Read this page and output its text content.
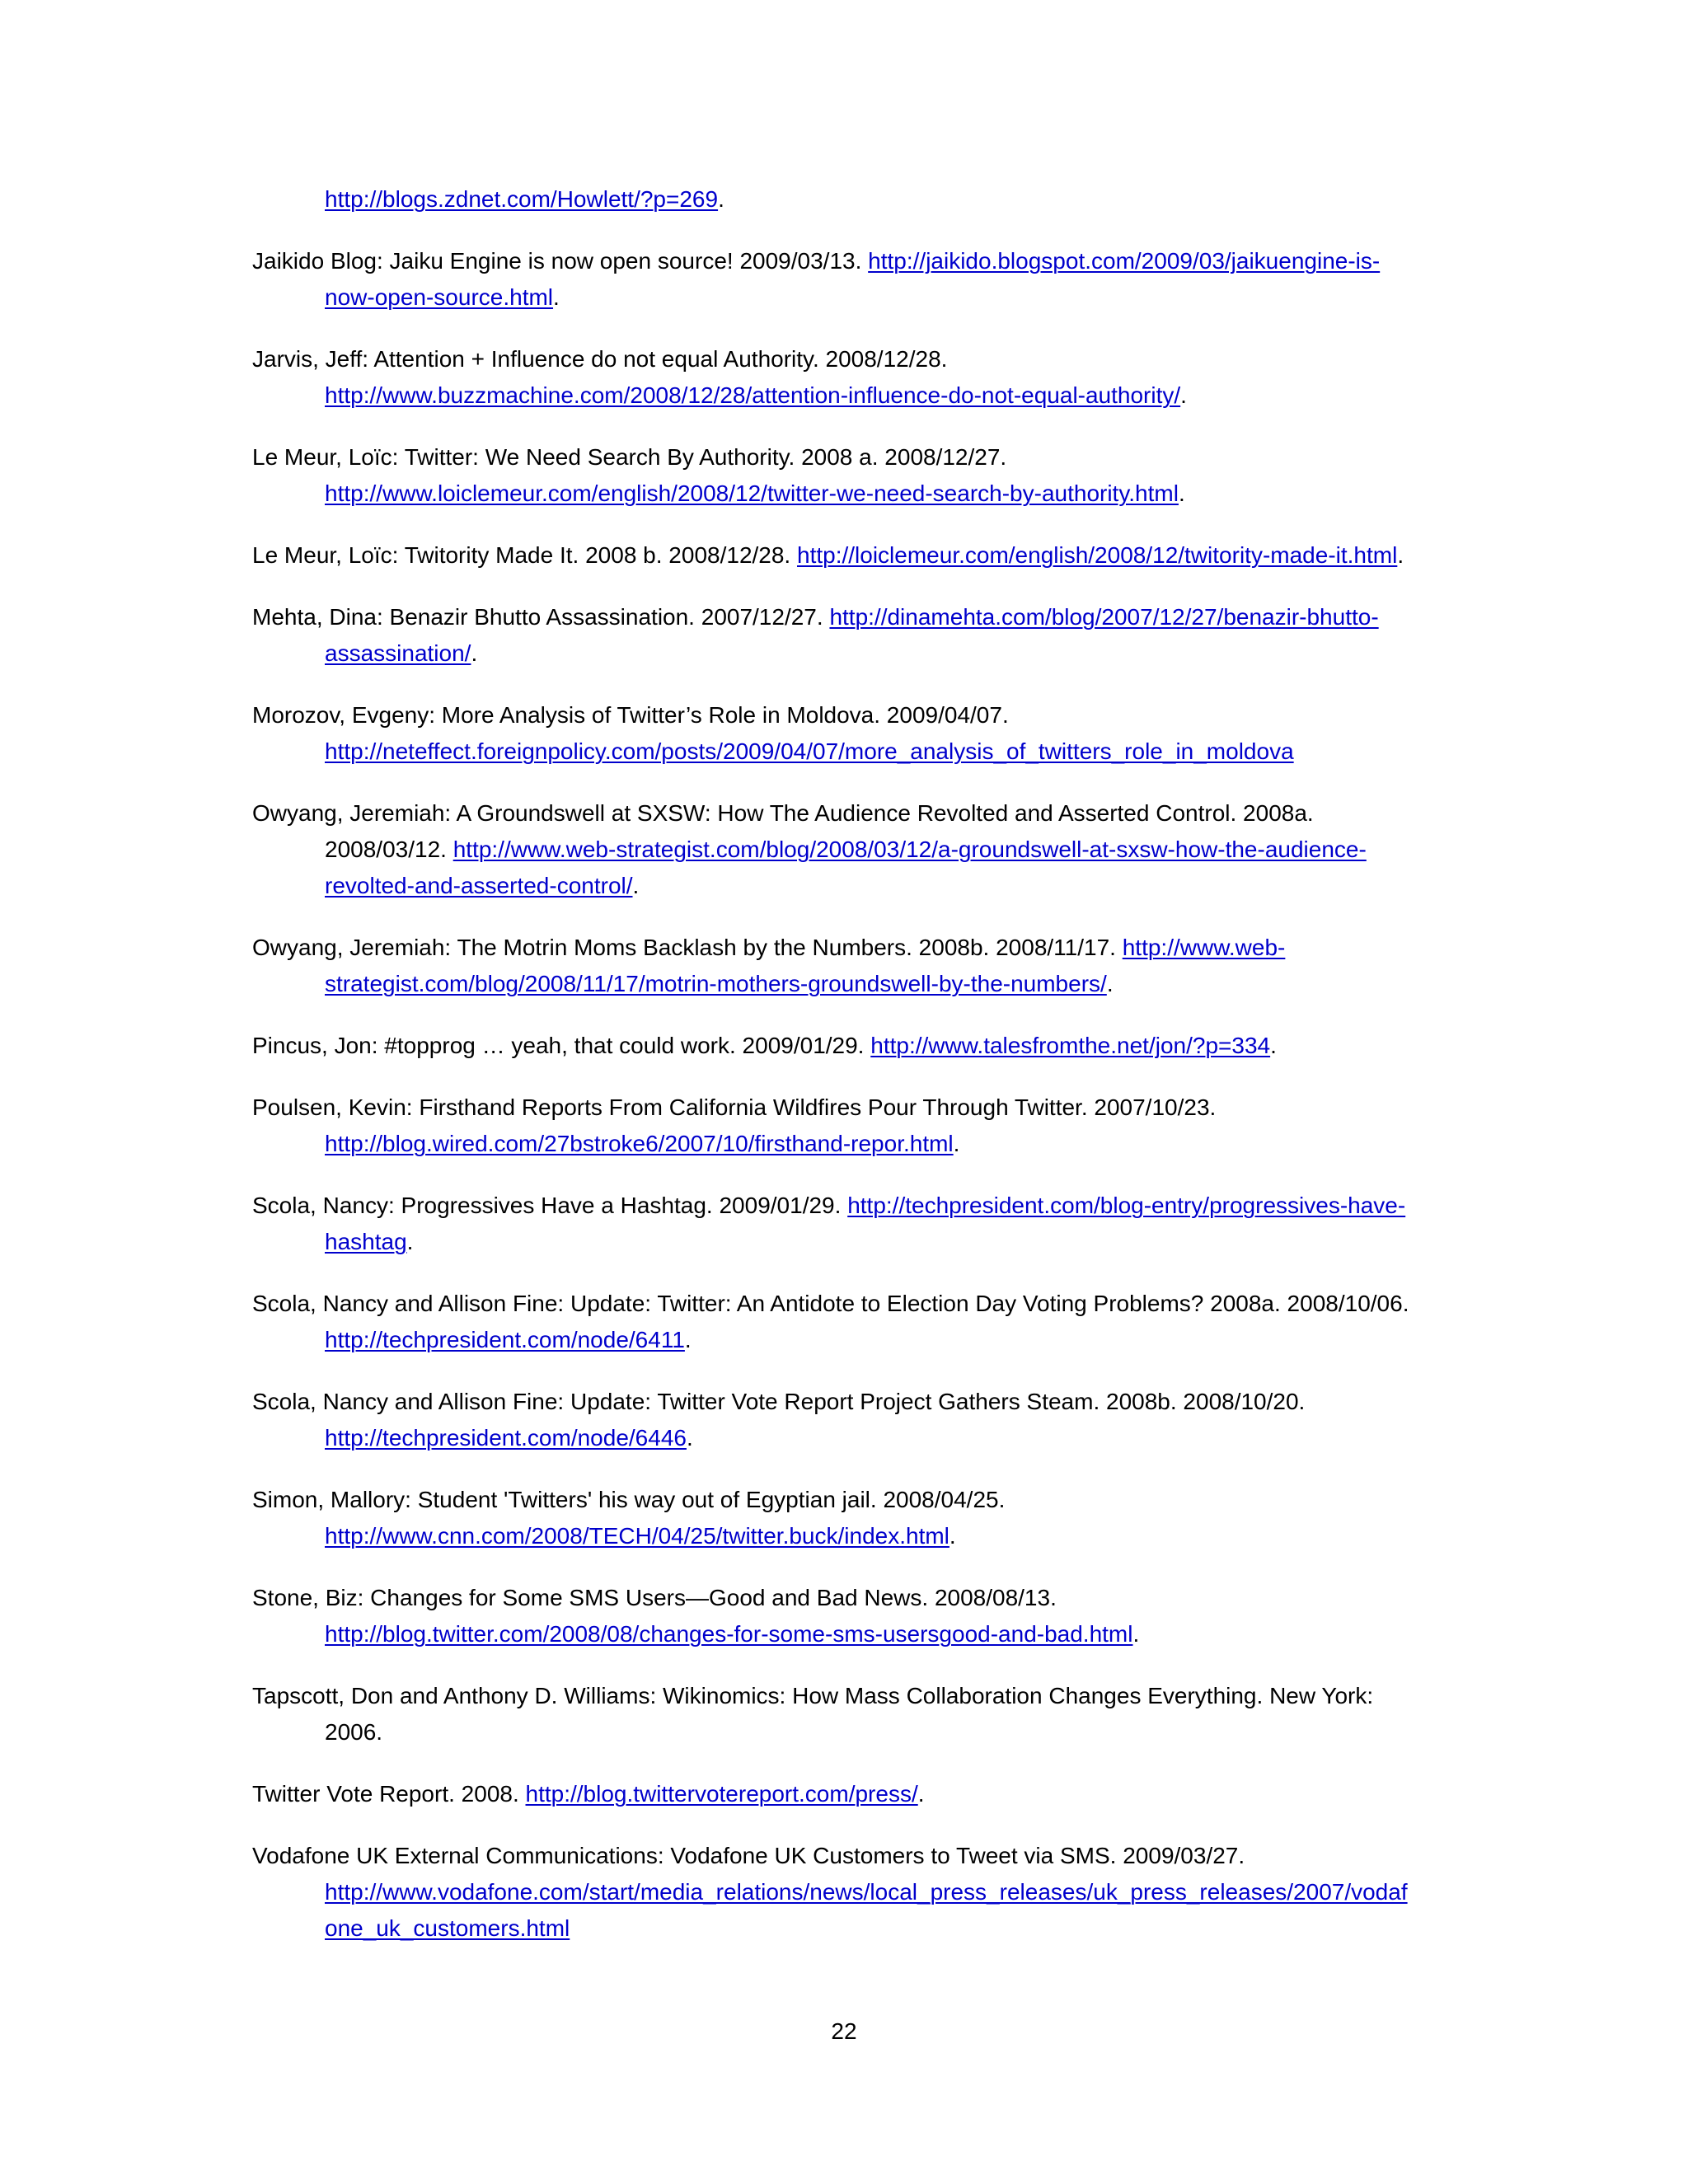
http://blogs.zdnet.com/Howlett/?p=269.

Jaikido Blog: Jaiku Engine is now open source! 2009/03/13. http://jaikido.blogspot.com/2009/03/jaikuengine-is-now-open-source.html.

Jarvis, Jeff: Attention + Influence do not equal Authority. 2008/12/28. http://www.buzzmachine.com/2008/12/28/attention-influence-do-not-equal-authority/.

Le Meur, Loïc: Twitter: We Need Search By Authority. 2008 a. 2008/12/27. http://www.loiclemeur.com/english/2008/12/twitter-we-need-search-by-authority.html.

Le Meur, Loïc: Twitority Made It. 2008 b. 2008/12/28. http://loiclemeur.com/english/2008/12/twitority-made-it.html.

Mehta, Dina: Benazir Bhutto Assassination. 2007/12/27. http://dinamehta.com/blog/2007/12/27/benazir-bhutto-assassination/.

Morozov, Evgeny: More Analysis of Twitter’s Role in Moldova. 2009/04/07. http://neteffect.foreignpolicy.com/posts/2009/04/07/more_analysis_of_twitters_role_in_moldova

Owyang, Jeremiah: A Groundswell at SXSW: How The Audience Revolted and Asserted Control. 2008a. 2008/03/12. http://www.web-strategist.com/blog/2008/03/12/a-groundswell-at-sxsw-how-the-audience-revolted-and-asserted-control/.

Owyang, Jeremiah: The Motrin Moms Backlash by the Numbers. 2008b. 2008/11/17. http://www.web-strategist.com/blog/2008/11/17/motrin-mothers-groundswell-by-the-numbers/.

Pincus, Jon: #topprog … yeah, that could work. 2009/01/29. http://www.talesfromthe.net/jon/?p=334.

Poulsen, Kevin: Firsthand Reports From California Wildfires Pour Through Twitter. 2007/10/23. http://blog.wired.com/27bstroke6/2007/10/firsthand-repor.html.

Scola, Nancy: Progressives Have a Hashtag. 2009/01/29. http://techpresident.com/blog-entry/progressives-have-hashtag.

Scola, Nancy and Allison Fine: Update: Twitter: An Antidote to Election Day Voting Problems? 2008a. 2008/10/06. http://techpresident.com/node/6411.

Scola, Nancy and Allison Fine: Update: Twitter Vote Report Project Gathers Steam. 2008b. 2008/10/20. http://techpresident.com/node/6446.

Simon, Mallory: Student 'Twitters' his way out of Egyptian jail. 2008/04/25. http://www.cnn.com/2008/TECH/04/25/twitter.buck/index.html.

Stone, Biz: Changes for Some SMS Users—Good and Bad News. 2008/08/13. http://blog.twitter.com/2008/08/changes-for-some-sms-usersgood-and-bad.html.

Tapscott, Don and Anthony D. Williams: Wikinomics: How Mass Collaboration Changes Everything. New York: 2006.

Twitter Vote Report. 2008. http://blog.twittervotereport.com/press/.

Vodafone UK External Communications: Vodafone UK Customers to Tweet via SMS. 2009/03/27. http://www.vodafone.com/start/media_relations/news/local_press_releases/uk_press_releases/2007/vodafone_uk_customers.html

22
